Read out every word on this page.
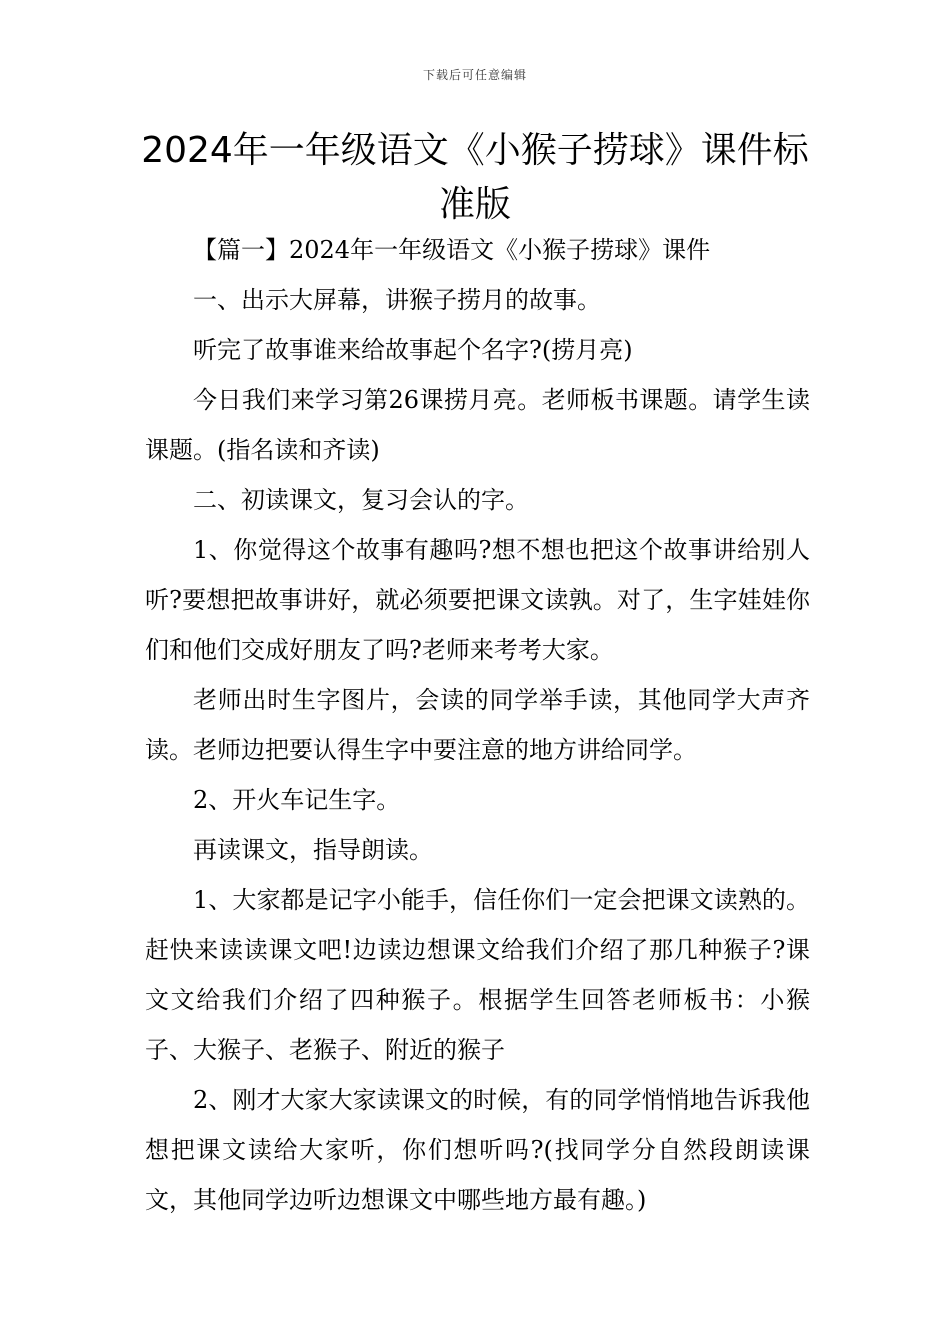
下载后可任意编辑
2024年一年级语文《小猴子捞球》课件标准版

【篇一】2024年一年级语文《小猴子捞球》课件

一、出示大屏幕，讲猴子捞月的故事。

听完了故事谁来给故事起个名字?(捞月亮)

今日我们来学习第26课捞月亮。老师板书课题。请学生读课题。(指名读和齐读)

二、初读课文，复习会认的字。

1、你觉得这个故事有趣吗?想不想也把这个故事讲给别人听?要想把故事讲好，就必须要把课文读孰。对了，生字娃娃你们和他们交成好朋友了吗?老师来考考大家。

老师出时生字图片，会读的同学举手读，其他同学大声齐读。老师边把要认得生字中要注意的地方讲给同学。

2、开火车记生字。

再读课文，指导朗读。

1、大家都是记字小能手，信任你们一定会把课文读熟的。赶快来读读课文吧!边读边想课文给我们介绍了那几种猴子?课文文给我们介绍了四种猴子。根据学生回答老师板书：小猴子、大猴子、老猴子、附近的猴子

2、刚才大家大家读课文的时候，有的同学悄悄地告诉我他想把课文读给大家听，你们想听吗?(找同学分自然段朗读课文，其他同学边听边想课文中哪些地方最有趣。)
